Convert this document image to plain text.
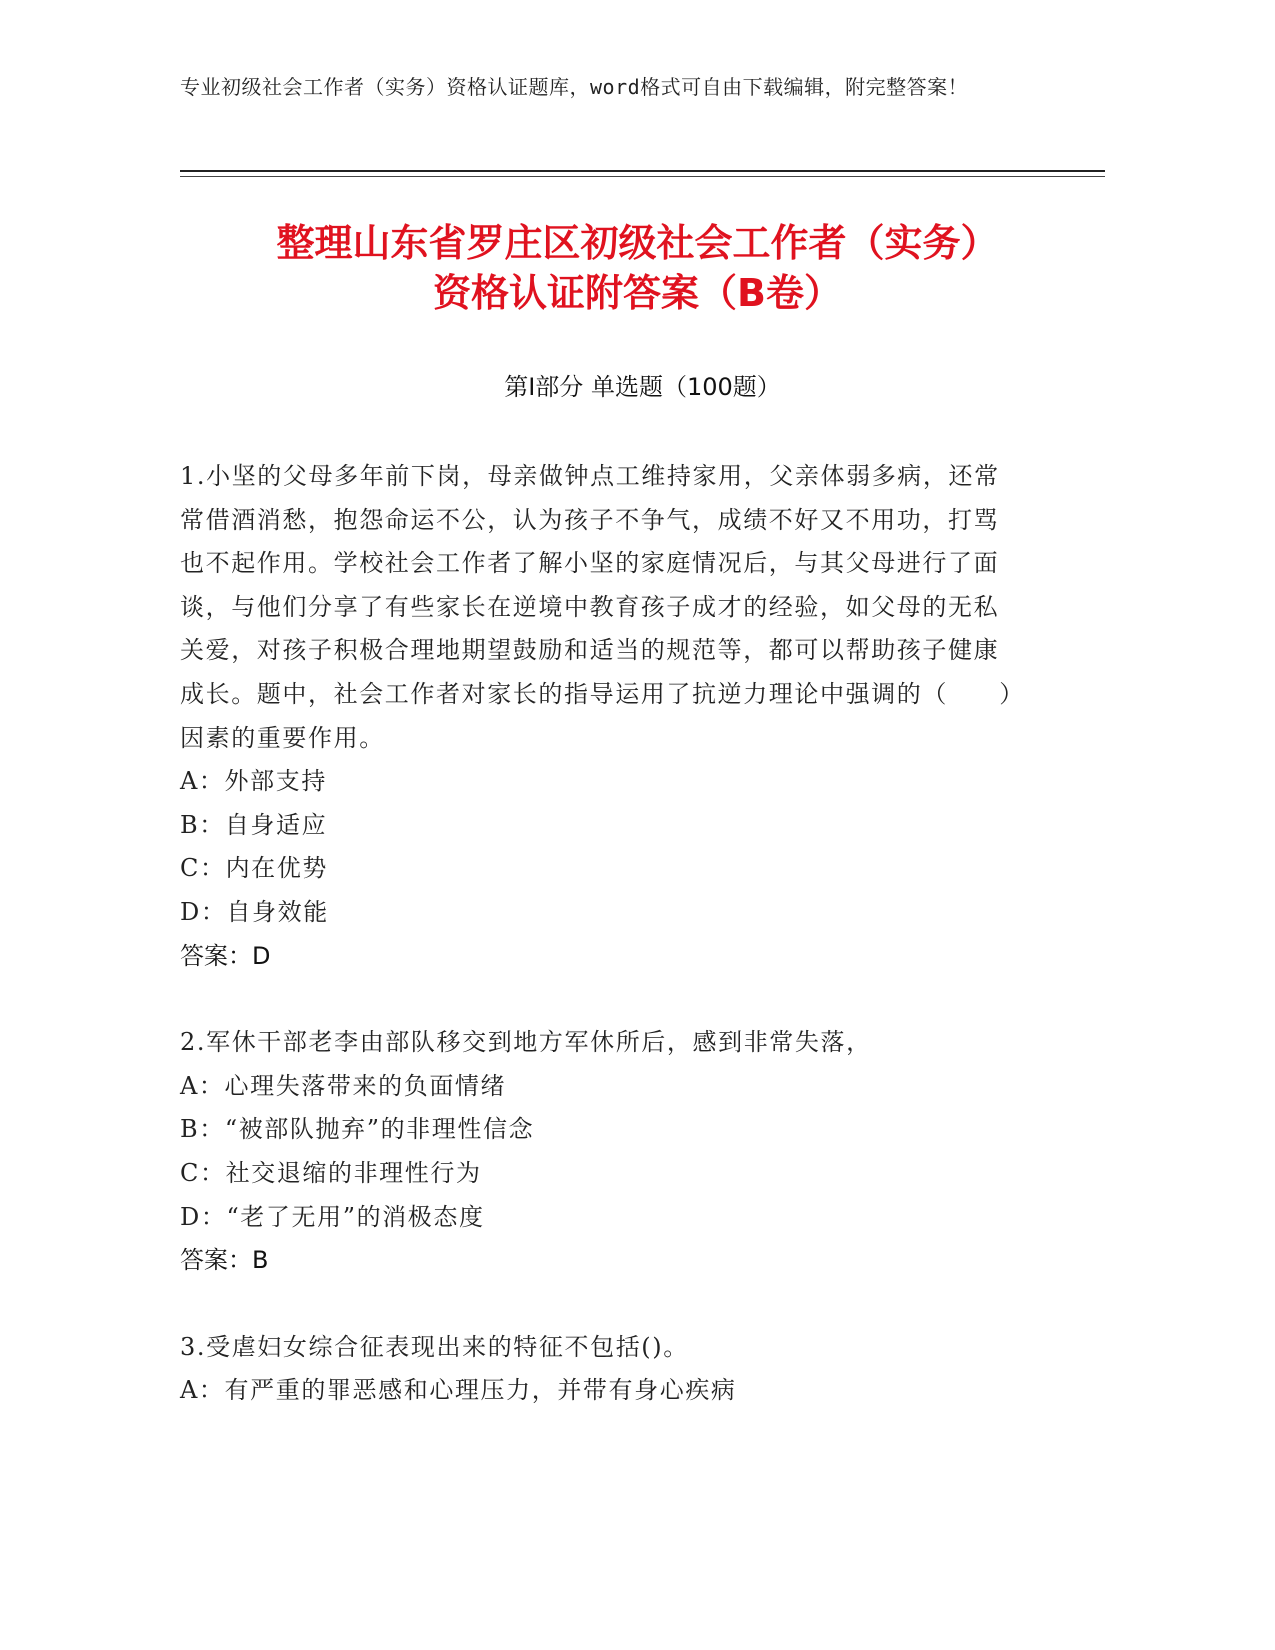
专业初级社会工作者（实务）资格认证题库，word格式可自由下载编辑，附完整答案！
整理山东省罗庄区初级社会工作者（实务）
资格认证附答案（B卷）
第Ⅰ部分 单选题（100题）

1.小坚的父母多年前下岗，母亲做钟点工维持家用，父亲体弱多病，还常常借酒消愁，抱怨命运不公，认为孩子不争气，成绩不好又不用功，打骂也不起作用。学校社会工作者了解小坚的家庭情况后，与其父母进行了面谈，与他们分享了有些家长在逆境中教育孩子成才的经验，如父母的无私关爱，对孩子积极合理地期望鼓励和适当的规范等，都可以帮助孩子健康成长。题中，社会工作者对家长的指导运用了抗逆力理论中强调的（　　）因素的重要作用。

A：外部支持

B：自身适应

C：内在优势

D：自身效能

答案：D

2.军休干部老李由部队移交到地方军休所后，感到非常失落，

A：心理失落带来的负面情绪

B：“被部队抛弃”的非理性信念

C：社交退缩的非理性行为

D：“老了无用”的消极态度

答案：B

3.受虐妇女综合征表现出来的特征不包括()。

A：有严重的罪恶感和心理压力，并带有身心疾病
